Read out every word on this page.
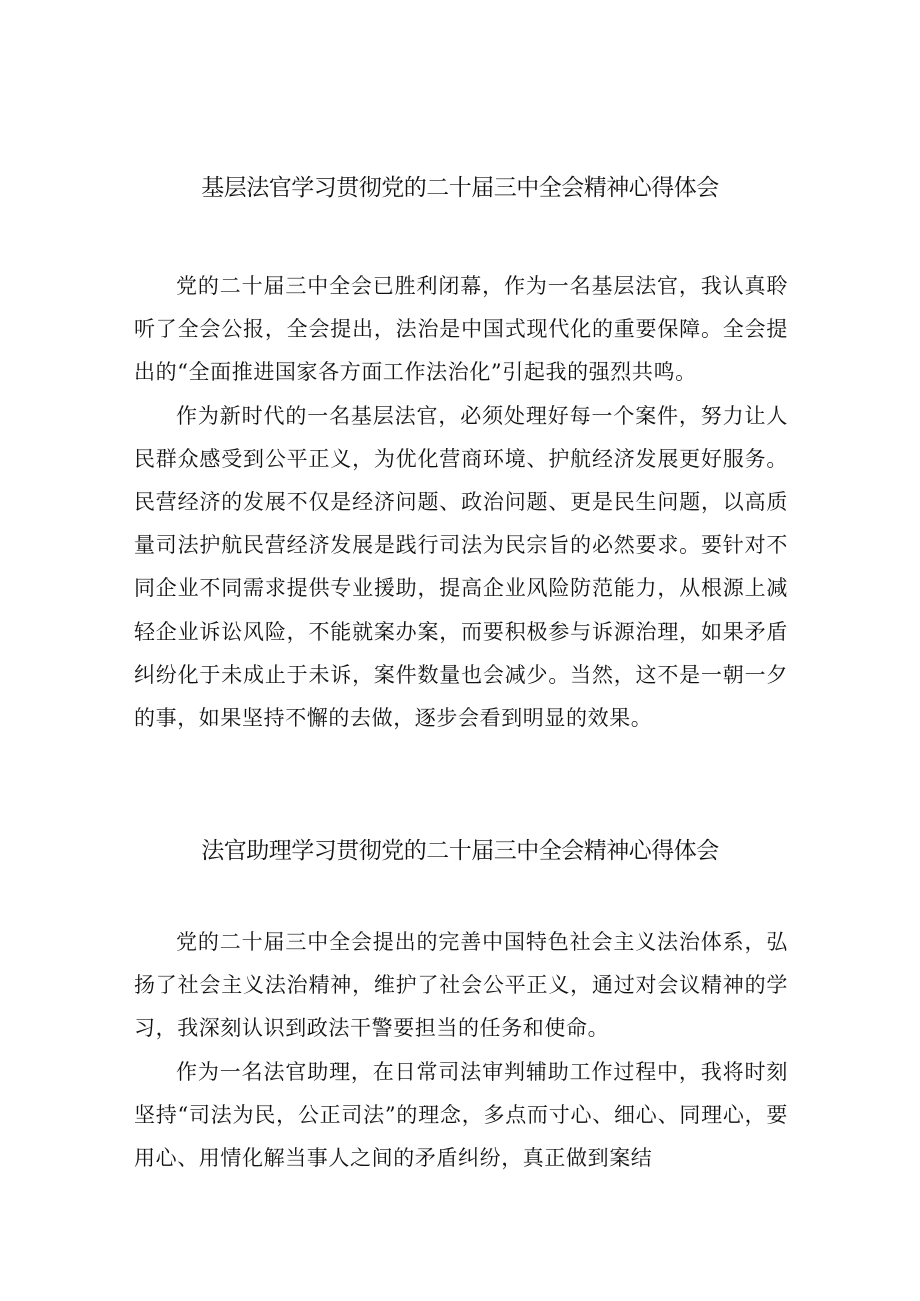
基层法官学习贯彻党的二十届三中全会精神心得体会

党的二十届三中全会已胜利闭幕，作为一名基层法官，我认真聆听了全会公报，全会提出，法治是中国式现代化的重要保障。全会提出的“全面推进国家各方面工作法治化”引起我的强烈共鸣。

作为新时代的一名基层法官，必须处理好每一个案件，努力让人民群众感受到公平正义，为优化营商环境、护航经济发展更好服务。民营经济的发展不仅是经济问题、政治问题、更是民生问题，以高质量司法护航民营经济发展是践行司法为民宗旨的必然要求。要针对不同企业不同需求提供专业援助，提高企业风险防范能力，从根源上减轻企业诉讼风险，不能就案办案，而要积极参与诉源治理，如果矛盾纠纷化于未成止于未诉，案件数量也会减少。当然，这不是一朝一夕的事，如果坚持不懈的去做，逐步会看到明显的效果。

法官助理学习贯彻党的二十届三中全会精神心得体会

党的二十届三中全会提出的完善中国特色社会主义法治体系，弘扬了社会主义法治精神，维护了社会公平正义，通过对会议精神的学习，我深刻认识到政法干警要担当的任务和使命。

作为一名法官助理，在日常司法审判辅助工作过程中，我将时刻坚持“司法为民，公正司法”的理念，多点而寸心、细心、同理心，要用心、用情化解当事人之间的矛盾纠纷，真正做到案结
